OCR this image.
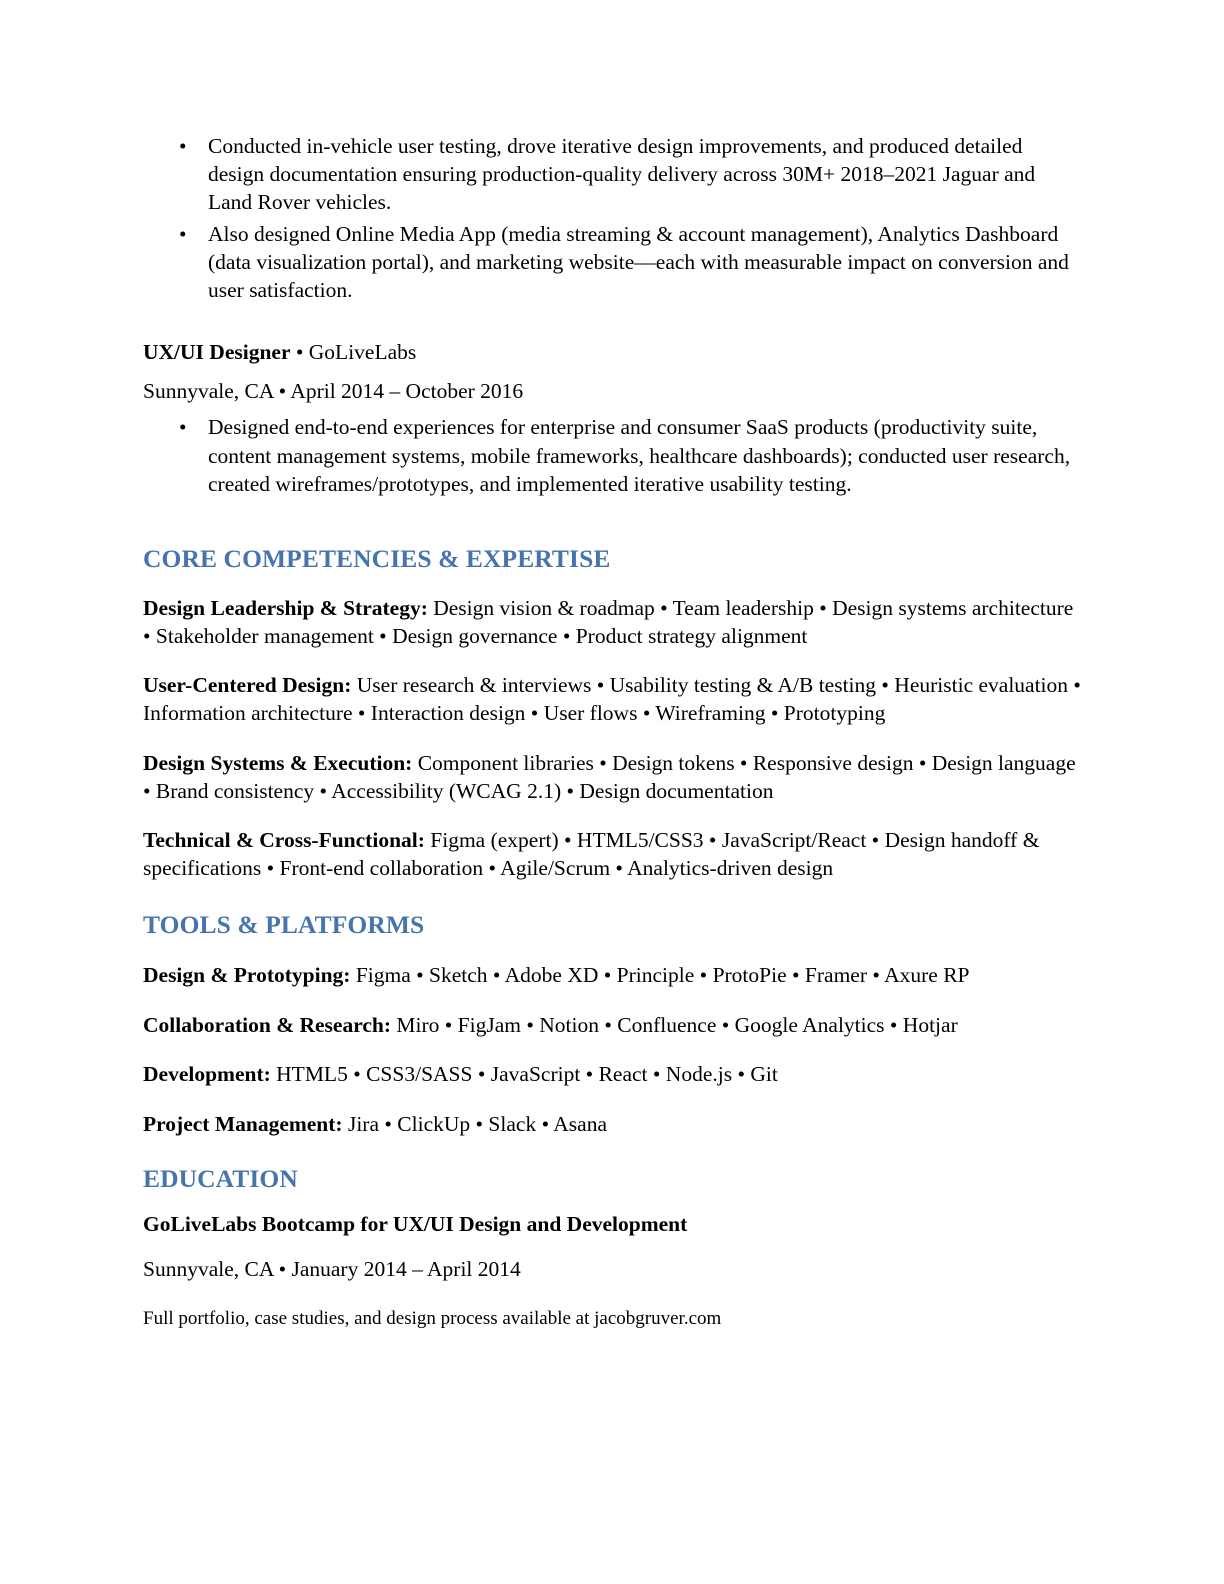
• Conducted in-vehicle user testing, drove iterative design improvements, and produced detailed design documentation ensuring production-quality delivery across 30M+ 2018–2021 Jaguar and Land Rover vehicles.
• Also designed Online Media App (media streaming & account management), Analytics Dashboard (data visualization portal), and marketing website—each with measurable impact on conversion and user satisfaction.
UX/UI Designer • GoLiveLabs
Sunnyvale, CA • April 2014 – October 2016
• Designed end-to-end experiences for enterprise and consumer SaaS products (productivity suite, content management systems, mobile frameworks, healthcare dashboards); conducted user research, created wireframes/prototypes, and implemented iterative usability testing.
CORE COMPETENCIES & EXPERTISE

Design Leadership & Strategy: Design vision & roadmap • Team leadership • Design systems architecture • Stakeholder management • Design governance • Product strategy alignment

User-Centered Design: User research & interviews • Usability testing & A/B testing • Heuristic evaluation • Information architecture • Interaction design • User flows • Wireframing • Prototyping

Design Systems & Execution: Component libraries • Design tokens • Responsive design • Design language • Brand consistency • Accessibility (WCAG 2.1) • Design documentation

Technical & Cross-Functional: Figma (expert) • HTML5/CSS3 • JavaScript/React • Design handoff & specifications • Front-end collaboration • Agile/Scrum • Analytics-driven design

TOOLS & PLATFORMS

Design & Prototyping: Figma • Sketch • Adobe XD • Principle • ProtoPie • Framer • Axure RP

Collaboration & Research: Miro • FigJam • Notion • Confluence • Google Analytics • Hotjar

Development: HTML5 • CSS3/SASS • JavaScript • React • Node.js • Git

Project Management: Jira • ClickUp • Slack • Asana

EDUCATION
GoLiveLabs Bootcamp for UX/UI Design and Development
Sunnyvale, CA • January 2014 – April 2014
Full portfolio, case studies, and design process available at jacobgruver.com
